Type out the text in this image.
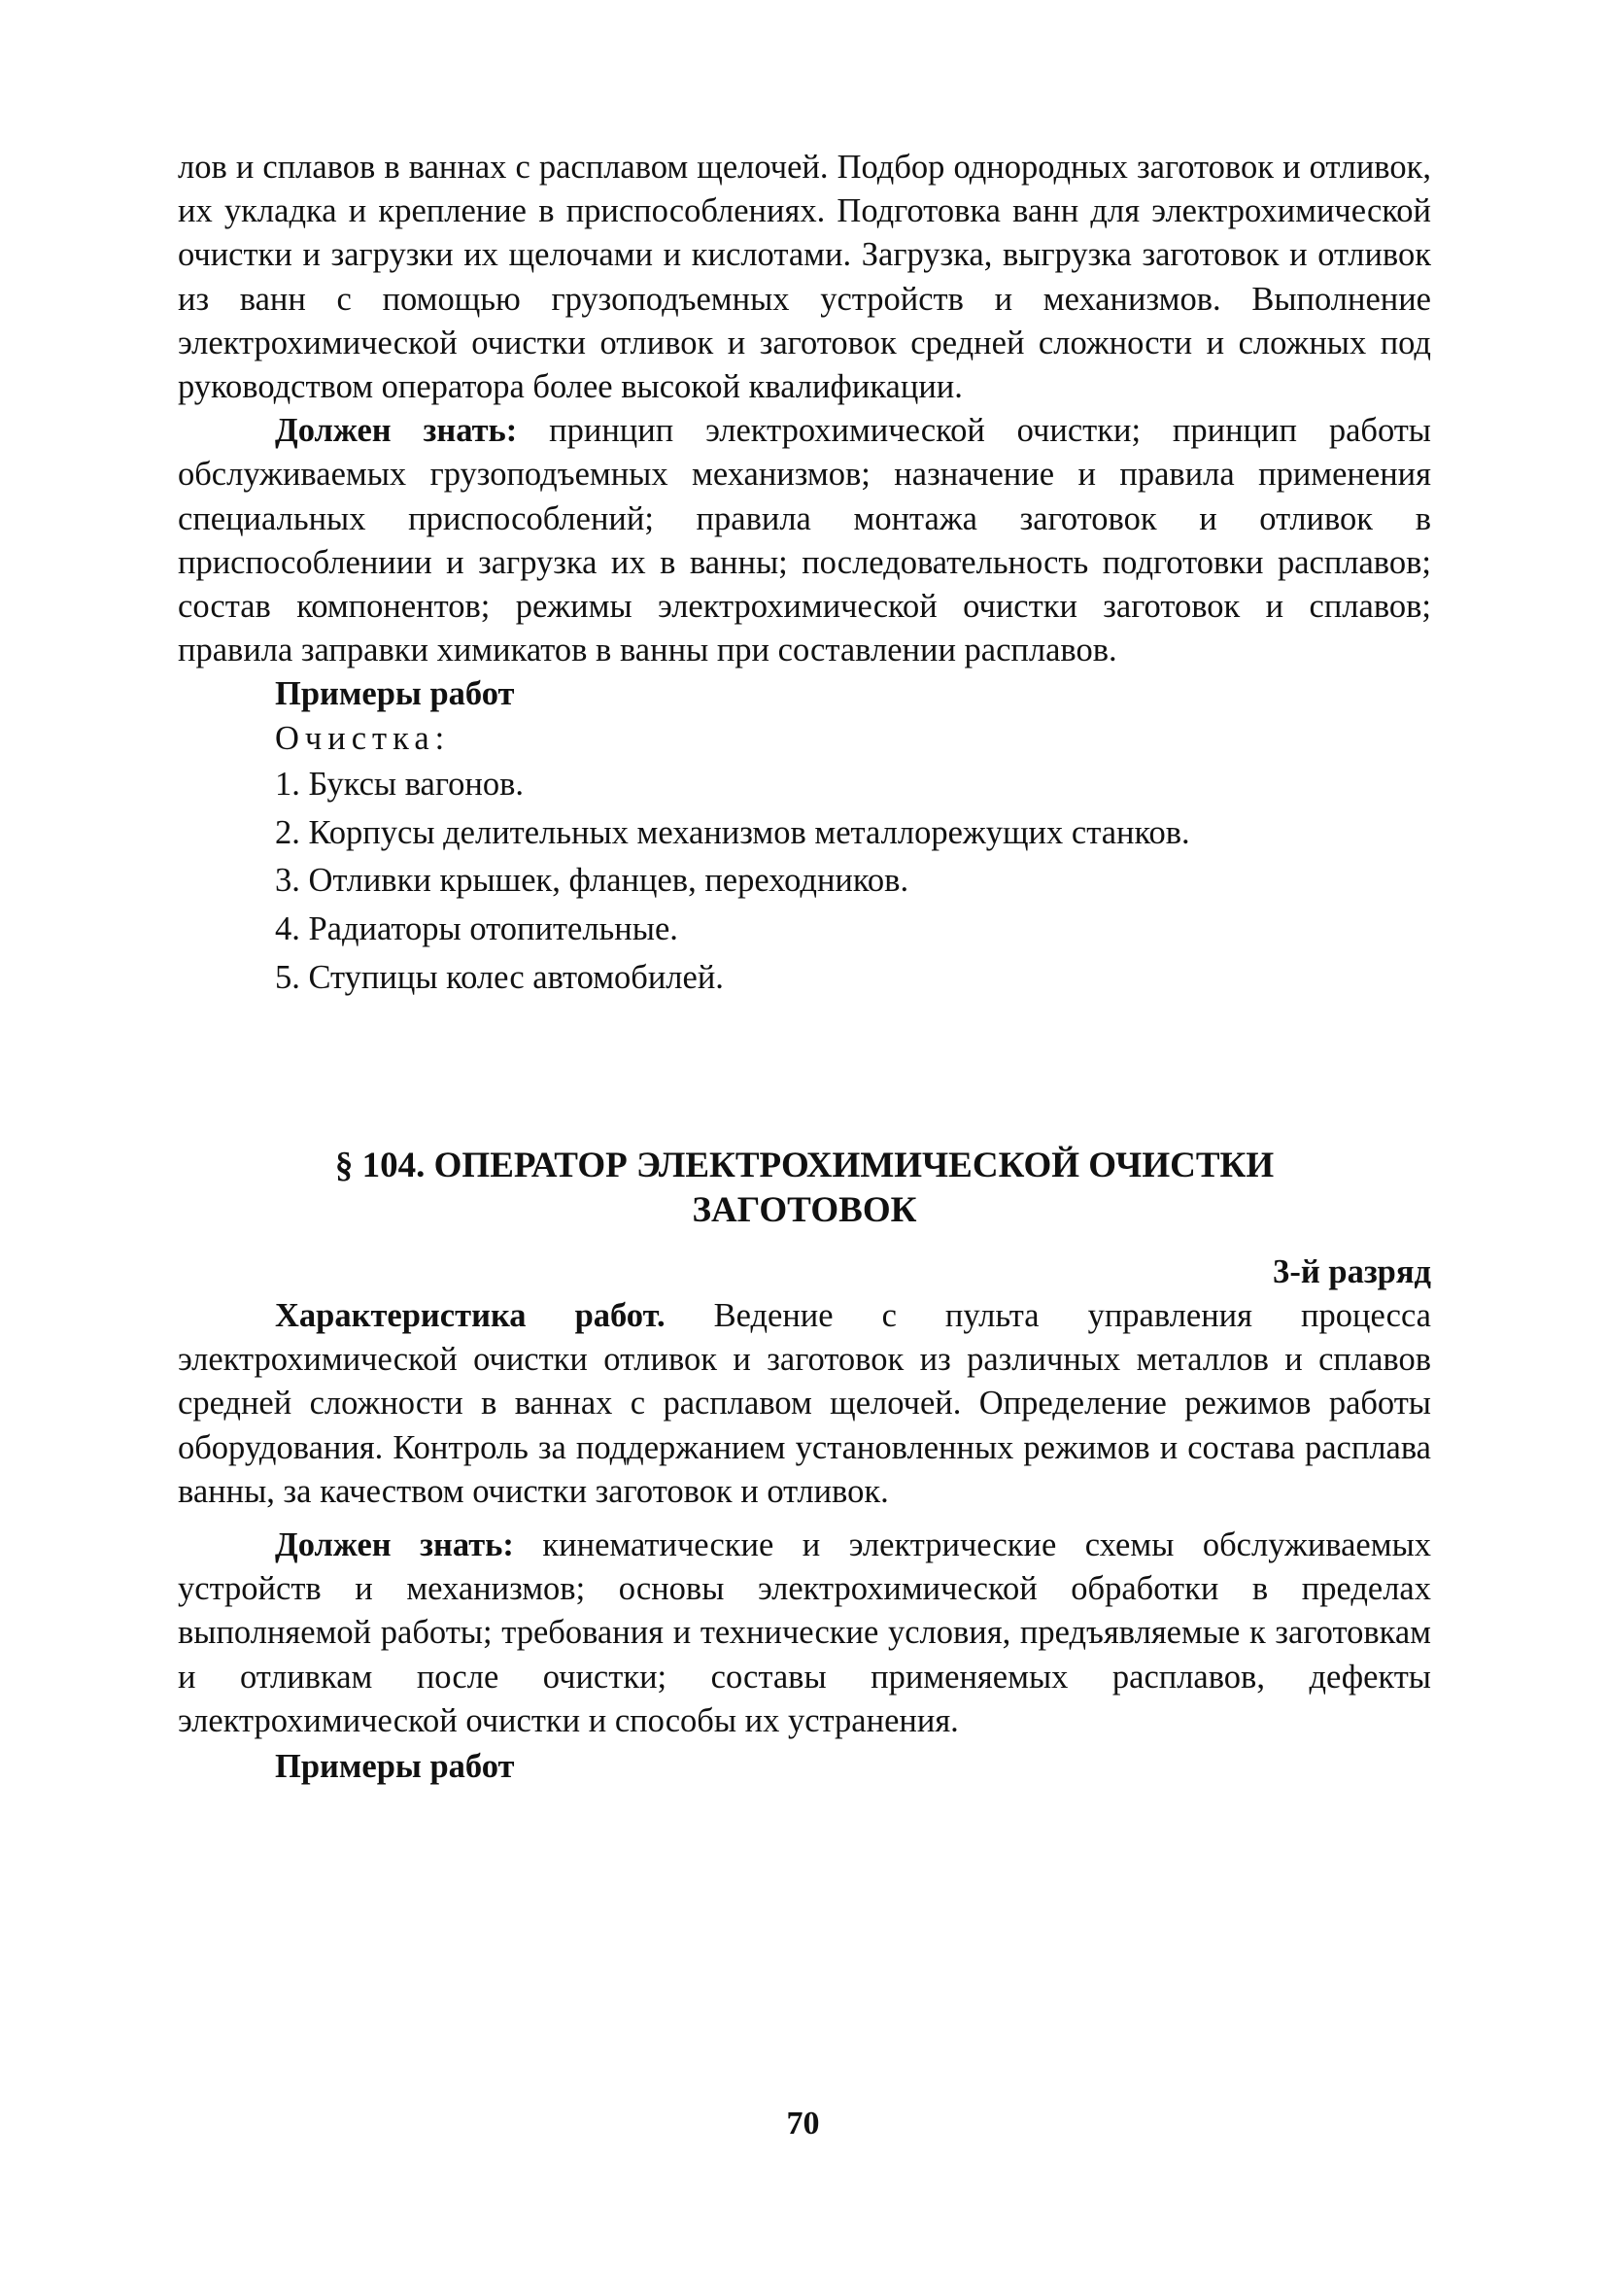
лов и сплавов в ваннах с расплавом щелочей. Подбор однородных заготовок и отливок, их укладка и крепление в приспособлениях. Подготовка ванн для электрохимической очистки и загрузки их щелочами и кислотами. Загрузка, выгрузка заготовок и отливок из ванн с помощью грузоподъемных устройств и механизмов. Выполнение электрохимической очистки отливок и заготовок средней сложности и сложных под руководством оператора более высокой квалификации.

Должен знать: принцип электрохимической очистки; принцип работы обслуживаемых грузоподъемных механизмов; назначение и правила применения специальных приспособлений; правила монтажа заготовок и отливок в приспособлениии и загрузка их в ванны; последовательность подготовки расплавов; состав компонентов; режимы электрохимической очистки заготовок и сплавов; правила заправки химикатов в ванны при составлении расплавов.

Примеры работ
Очистка:
1. Буксы вагонов.
2. Корпусы делительных механизмов металлорежущих станков.
3. Отливки крышек, фланцев, переходников.
4. Радиаторы отопительные.
5. Ступицы колес автомобилей.
§ 104. ОПЕРАТОР ЭЛЕКТРОХИМИЧЕСКОЙ ОЧИСТКИ
ЗАГОТОВОК
3-й разряд

Характеристика работ. Ведение с пульта управления процесса электрохимической очистки отливок и заготовок из различных металлов и сплавов средней сложности в ваннах с расплавом щелочей. Определение режимов работы оборудования. Контроль за поддержанием установленных режимов и состава расплава ванны, за качеством очистки заготовок и отливок.

Должен знать: кинематические и электрические схемы обслуживаемых устройств и механизмов; основы электрохимической обработки в пределах выполняемой работы; требования и технические условия, предъявляемые к заготовкам и отливкам после очистки; составы применяемых расплавов, дефекты электрохимической очистки и способы их устранения.

Примеры работ
70
